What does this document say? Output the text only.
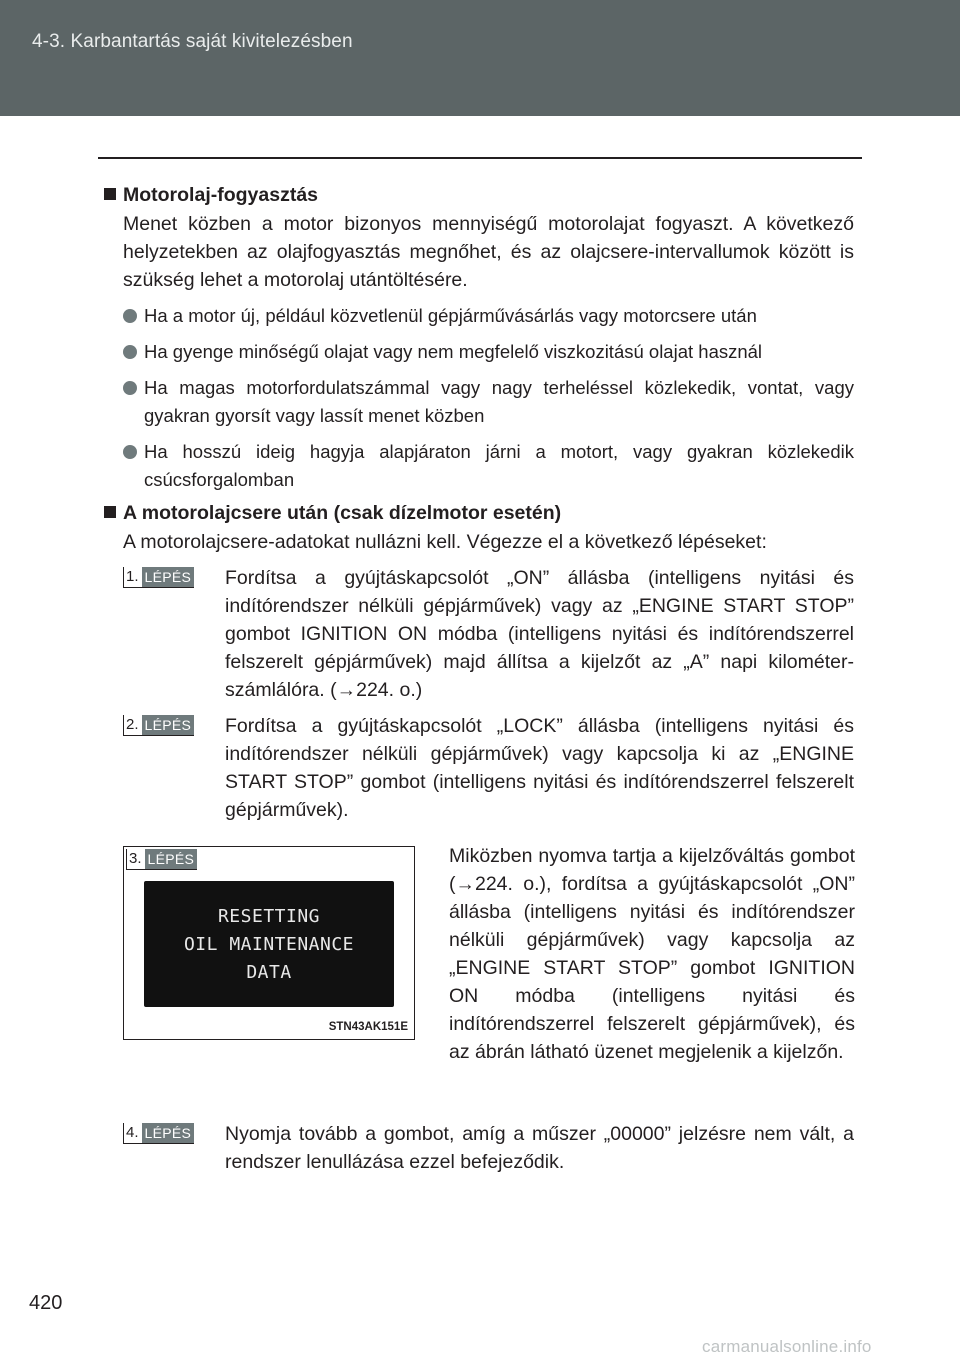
4-3. Karbantartás saját kivitelezésben
Motorolaj-fogyasztás
Menet közben a motor bizonyos mennyiségű motorolajat fogyaszt. A következő helyzetekben az olajfogyasztás megnőhet, és az olajcsere-intervallumok között is szükség lehet a motorolaj utántöltésére.
Ha a motor új, például közvetlenül gépjárművásárlás vagy motorcsere után
Ha gyenge minőségű olajat vagy nem megfelelő viszkozitású olajat használ
Ha magas motorfordulatszámmal vagy nagy terheléssel közlekedik, vontat, vagy gyakran gyorsít vagy lassít menet közben
Ha hosszú ideig hagyja alapjáraton járni a motort, vagy gyakran közlekedik csúcsforgalomban
A motorolajcsere után (csak dízelmotor esetén)
A motorolajcsere-adatokat nullázni kell. Végezze el a következő lépéseket:
1. LÉPÉS Fordítsa a gyújtáskapcsolót „ON” állásba (intelligens nyitási és indítórendszer nélküli gépjárművek) vagy az „ENGINE START STOP” gombot IGNITION ON módba (intelligens nyitási és indítórendszerrel felszerelt gépjárművek) majd állítsa a kijelzőt az „A” napi kilométer-számlálóra. (→224. o.)
2. LÉPÉS Fordítsa a gyújtáskapcsolót „LOCK” állásba (intelligens nyitási és indítórendszer nélküli gépjárművek) vagy kapcsolja ki az „ENGINE START STOP” gombot (intelligens nyitási és indítórendszerrel felszerelt gépjárművek).
3. LÉPÉS
RESETTING
OIL MAINTENANCE
DATA
STN43AK151E
Miközben nyomva tartja a kijelzőváltás gombot (→224. o.), fordítsa a gyújtáskapcsolót „ON” állásba (intelligens nyitási és indítórendszer nélküli gépjárművek) vagy kapcsolja az „ENGINE START STOP” gombot IGNITION ON módba (intelligens nyitási és indítórendszerrel felszerelt gépjárművek), és az ábrán látható üzenet megjelenik a kijelzőn.
4. LÉPÉS Nyomja tovább a gombot, amíg a műszer „00000” jelzésre nem vált, a rendszer lenullázása ezzel befejeződik.
420
carmanualsonline.info
